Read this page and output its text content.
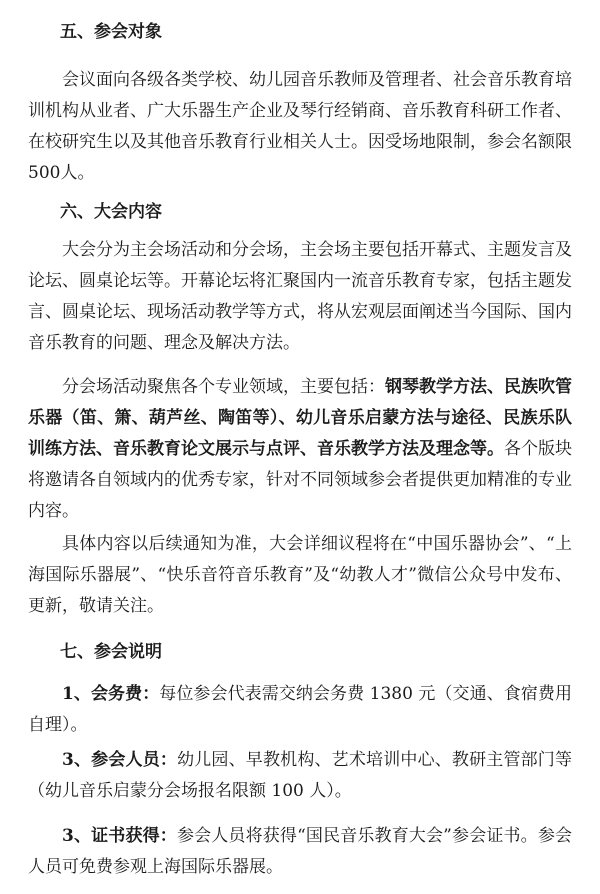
五、参会对象
会议面向各级各类学校、幼儿园音乐教师及管理者、社会音乐教育培训机构从业者、广大乐器生产企业及琴行经销商、音乐教育科研工作者、在校研究生以及其他音乐教育行业相关人士。因受场地限制，参会名额限500人。
六、大会内容
大会分为主会场活动和分会场，主会场主要包括开幕式、主题发言及论坛、圆桌论坛等。开幕论坛将汇聚国内一流音乐教育专家，包括主题发言、圆桌论坛、现场活动教学等方式，将从宏观层面阐述当今国际、国内音乐教育的问题、理念及解决方法。
分会场活动聚焦各个专业领域，主要包括：钢琴教学方法、民族吹管乐器（笛、箫、葫芦丝、陶笛等）、幼儿音乐启蒙方法与途径、民族乐队训练方法、音乐教育论文展示与点评、音乐教学方法及理念等。各个版块将邀请各自领域内的优秀专家，针对不同领域参会者提供更加精准的专业内容。
具体内容以后续通知为准，大会详细议程将在“中国乐器协会”、“上海国际乐器展”、“快乐音符音乐教育”及“幼教人才”微信公众号中发布、更新，敬请关注。
七、参会说明
1、会务费：每位参会代表需交纳会务费 1380 元（交通、食宿费用自理）。
3、参会人员：幼儿园、早教机构、艺术培训中心、教研主管部门等（幼儿音乐启蒙分会场报名限额 100 人）。
3、证书获得：参会人员将获得“国民音乐教育大会”参会证书。参会人员可免费参观上海国际乐器展。
